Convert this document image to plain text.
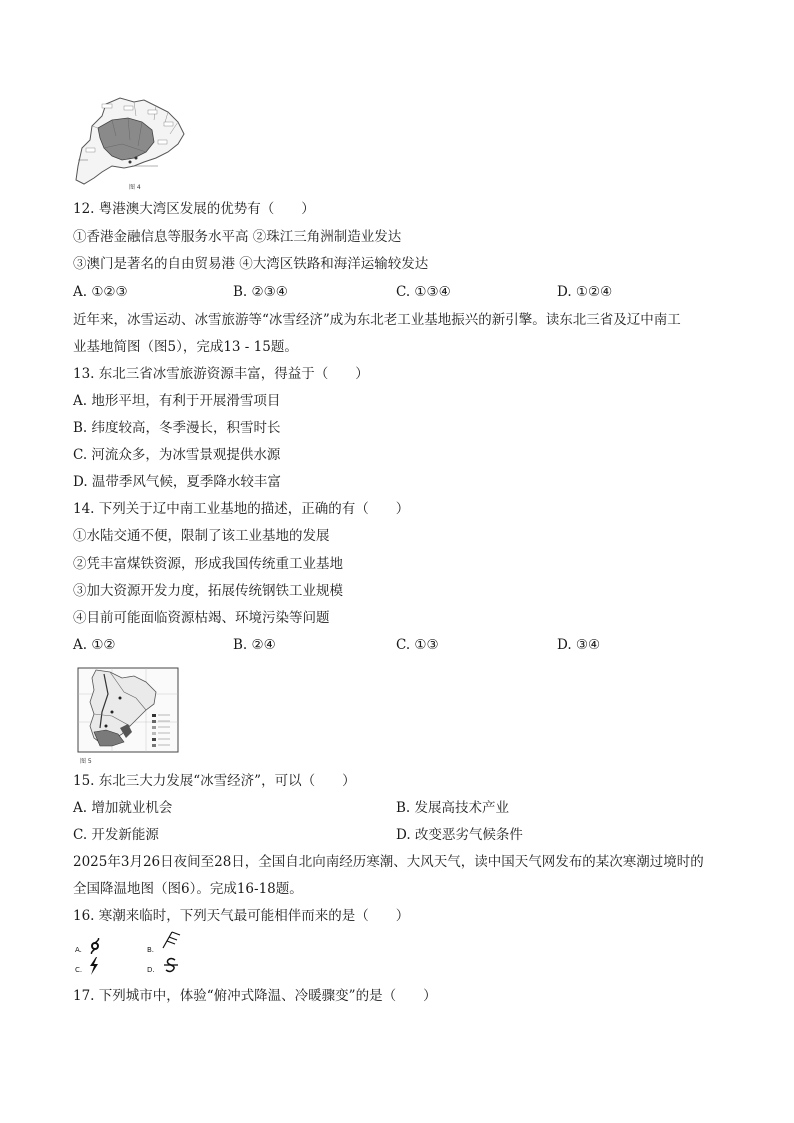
图 4
12. 粤港澳大湾区发展的优势有（　　）
①香港金融信息等服务水平高 ②珠江三角洲制造业发达
③澳门是著名的自由贸易港 ④大湾区铁路和海洋运输较发达
A. ①②③	B. ②③④	C. ①③④	D. ①②④
近年来，冰雪运动、冰雪旅游等“冰雪经济”成为东北老工业基地振兴的新引擎。读东北三省及辽中南工
业基地简图（图5），完成13 - 15题。
13. 东北三省冰雪旅游资源丰富，得益于（　　）
A. 地形平坦，有利于开展滑雪项目
B. 纬度较高，冬季漫长，积雪时长
C. 河流众多，为冰雪景观提供水源
D. 温带季风气候，夏季降水较丰富
14. 下列关于辽中南工业基地的描述，正确的有（　　）
①水陆交通不便，限制了该工业基地的发展
②凭丰富煤铁资源，形成我国传统重工业基地
③加大资源开发力度，拓展传统钢铁工业规模
④目前可能面临资源枯竭、环境污染等问题
A. ①②	B. ②④	C. ①③	D. ③④
图 5
15. 东北三大力发展“冰雪经济”，可以（　　）
A. 增加就业机会	B. 发展高技术产业
C. 开发新能源	D. 改变恶劣气候条件
2025年3月26日夜间至28日，全国自北向南经历寒潮、大风天气，读中国天气网发布的某次寒潮过境时的
全国降温地图（图6）。完成16-18题。
16. 寒潮来临时，下列天气最可能相伴而来的是（　　）
A.	B.
C.	D.
17. 下列城市中，体验“俯冲式降温、冷暖骤变”的是（　　）
